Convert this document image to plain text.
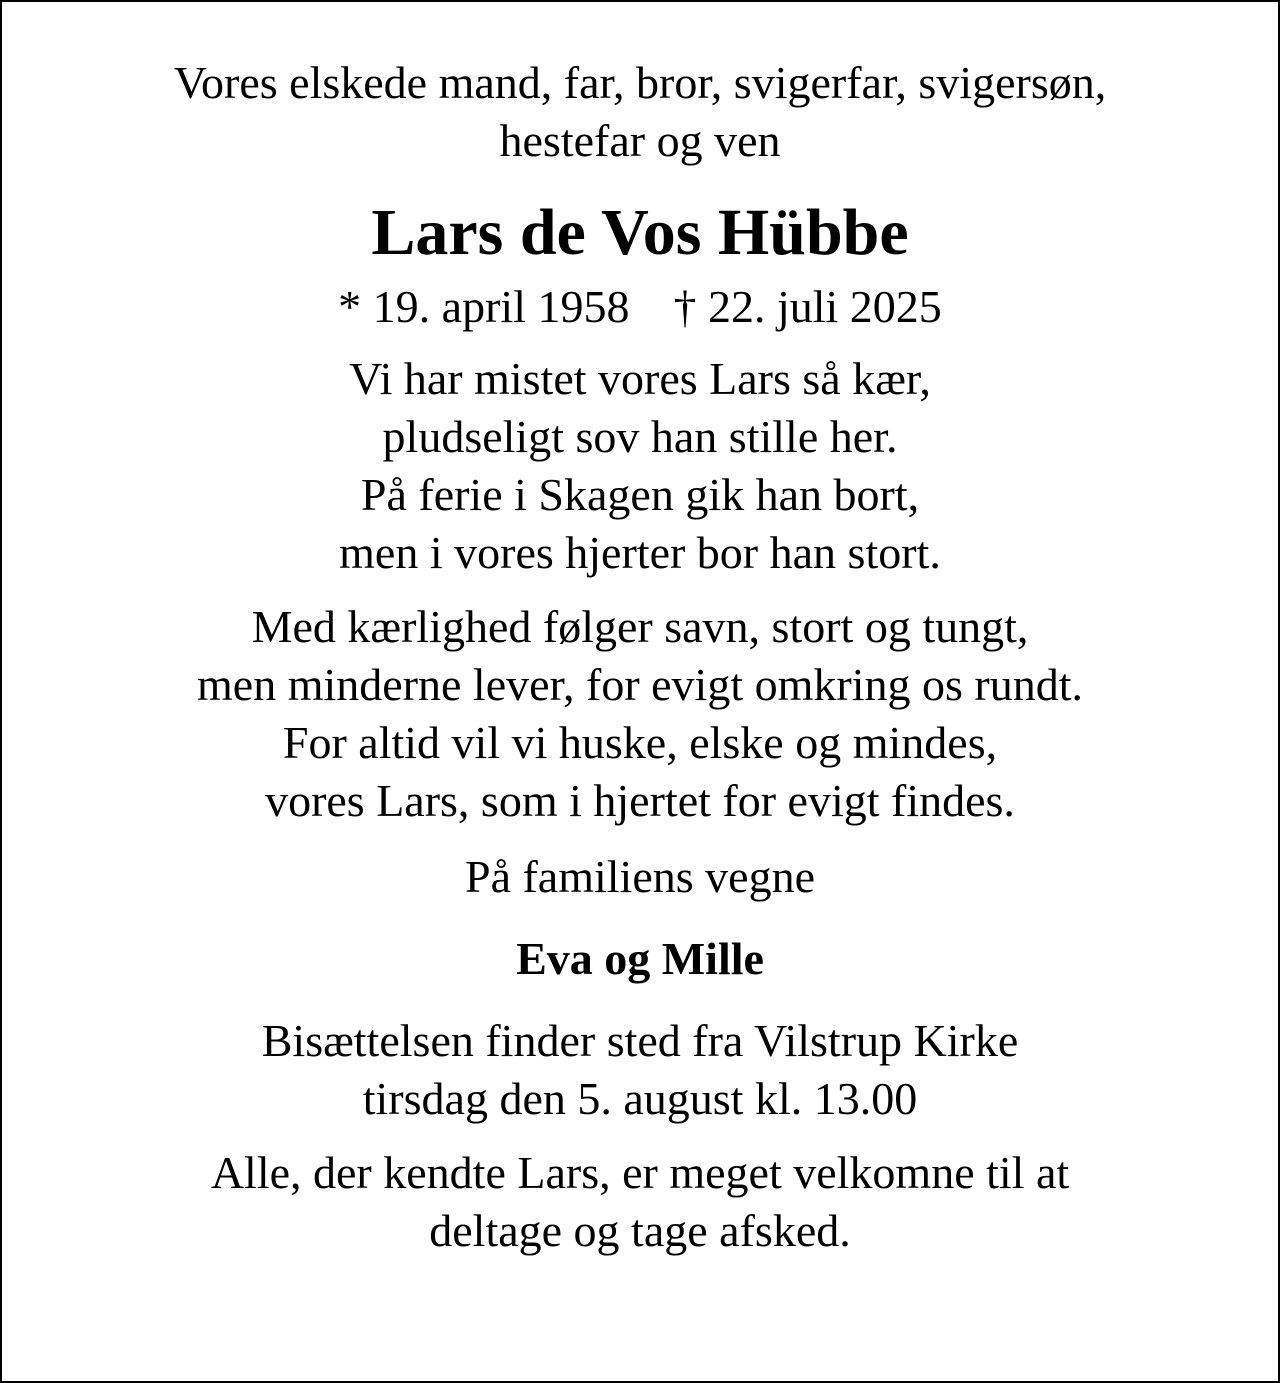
Vores elskede mand, far, bror, svigerfar, svigersøn,
hestefar og ven

Lars de Vos Hübbe

* 19. april 1958 † 22. juli 2025

Vi har mistet vores Lars så kær,
pludseligt sov han stille her.
På ferie i Skagen gik han bort,
men i vores hjerter bor han stort.

Med kærlighed følger savn, stort og tungt,
men minderne lever, for evigt omkring os rundt.
For altid vil vi huske, elske og mindes,
vores Lars, som i hjertet for evigt findes.

På familiens vegne

Eva og Mille

Bisættelsen finder sted fra Vilstrup Kirke
tirsdag den 5. august kl. 13.00

Alle, der kendte Lars, er meget velkomne til at
deltage og tage afsked.
